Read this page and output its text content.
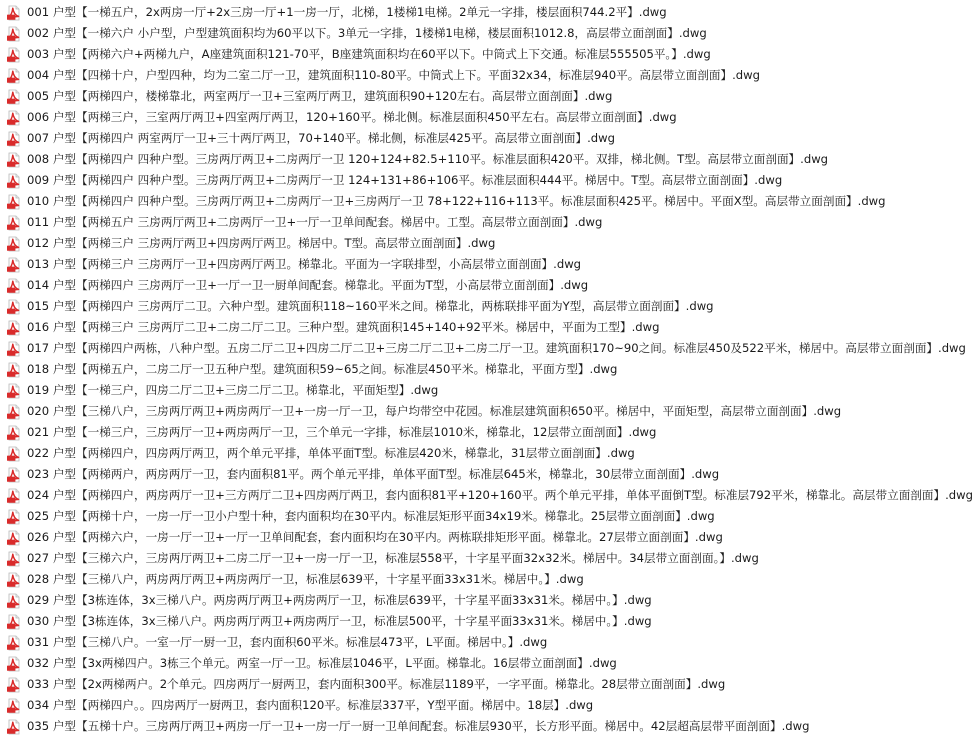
001 户型【一梯五户，2x两房一厅+2x三房一厅+1一房一厅，北梯，1楼梯1电梯。2单元一字排，楼层面积744.2平】.dwg
002 户型【一梯六户 小户型，户型建筑面积均为60平以下。3单元一字排，1楼梯1电梯，楼层面积1012.8，高层带立面剖面】.dwg
003 户型【两梯六户+两梯九户，A座建筑面积121-70平，B座建筑面积均在60平以下。中筒式上下交通。标准层555505平。】.dwg
004 户型【四梯十户，户型四种，均为二室二厅一卫，建筑面积110-80平。中筒式上下。平面32x34，标准层940平。高层带立面剖面】.dwg
005 户型【两梯四户，楼梯靠北，两室两厅一卫+三室两厅两卫，建筑面积90+120左右。高层带立面剖面】.dwg
006 户型【两梯三户，三室两厅两卫+四室两厅两卫，120+160平。梯北侧。标准层面积450平左右。高层带立面剖面】.dwg
007 户型【两梯四户 两室两厅一卫+三十两厅两卫，70+140平。梯北侧，标准层425平。高层带立面剖面】.dwg
008 户型【两梯四户 四种户型。三房两厅两卫+二房两厅一卫 120+124+82.5+110平。标准层面积420平。双排，梯北侧。T型。高层带立面剖面】.dwg
009 户型【两梯四户 四种户型。三房两厅两卫+二房两厅一卫 124+131+86+106平。标准层面积444平。梯居中。T型。高层带立面剖面】.dwg
010 户型【两梯四户 四种户型。三房两厅两卫+二房两厅一卫+三房两厅一卫 78+122+116+113平。标准层面积425平。梯居中。平面X型。高层带立面剖面】.dwg
011 户型【两梯五户 三房两厅两卫+二房两厅一卫+一厅一卫单间配套。梯居中。工型。高层带立面剖面】.dwg
012 户型【两梯三户 三房两厅两卫+四房两厅两卫。梯居中。T型。高层带立面剖面】.dwg
013 户型【两梯三户 三房两厅一卫+四房两厅两卫。梯靠北。平面为一字联排型，小高层带立面剖面】.dwg
014 户型【两梯四户 三房两厅一卫+一厅一卫一厨单间配套。梯靠北。平面为T型，小高层带立面剖面】.dwg
015 户型【两梯四户 三房两厅二卫。六种户型。建筑面积118~160平米之间。梯靠北，两栋联排平面为Y型，高层带立面剖面】.dwg
016 户型【两梯三户 三房两厅二卫+二房二厅二卫。三种户型。建筑面积145+140+92平米。梯居中，平面为工型】.dwg
017 户型【两梯四户两栋，八种户型。五房二厅二卫+四房二厅二卫+三房二厅二卫+二房二厅一卫。建筑面积170~90之间。标准层450及522平米，梯居中。高层带立面剖面】.dwg
018 户型【两梯五户，二房二厅一卫五种户型。建筑面积59~65之间。标准层450平米。梯靠北，平面方型】.dwg
019 户型【一梯三户，四房二厅二卫+三房二厅二卫。梯靠北，平面矩型】.dwg
020 户型【三梯八户，三房两厅两卫+两房两厅一卫+一房一厅一卫，每户均带空中花园。标准层建筑面积650平。梯居中，平面矩型，高层带立面剖面】.dwg
021 户型【一梯三户，三房两厅一卫+两房两厅一卫，三个单元一字排，标准层1010米，梯靠北，12层带立面剖面】.dwg
022 户型【两梯四户，四房两厅两卫，两个单元平排，单体平面T型。标准层420米，梯靠北，31层带立面剖面】.dwg
023 户型【两梯两户，两房两厅一卫，套内面积81平。两个单元平排，单体平面T型。标准层645米，梯靠北，30层带立面剖面】.dwg
024 户型【两梯四户，两房两厅一卫+三方两厅二卫+四房两厅两卫，套内面积81平+120+160平。两个单元平排，单体平面倒T型。标准层792平米，梯靠北。高层带立面剖面】.dwg
025 户型【两梯十户，一房一厅一卫小户型十种，套内面积均在30平内。标准层矩形平面34x19米。梯靠北。25层带立面剖面】.dwg
026 户型【两梯六户，一房一厅一卫+一厅一卫单间配套，套内面积均在30平内。两栋联排矩形平面。梯靠北。27层带立面剖面】.dwg
027 户型【三梯六户，三房两厅两卫+二房二厅一卫+一房一厅一卫，标准层558平，十字星平面32x32米。梯居中。34层带立面剖面。】.dwg
028 户型【三梯八户，两房两厅两卫+两房两厅一卫，标准层639平，十字星平面33x31米。梯居中。】.dwg
029 户型【3栋连体，3x三梯八户。两房两厅两卫+两房两厅一卫，标准层639平，十字星平面33x31米。梯居中。】.dwg
030 户型【3栋连体，3x三梯八户。两房两厅两卫+两房两厅一卫，标准层500平，十字星平面33x31米。梯居中。】.dwg
031 户型【三梯八户。一室一厅一厨一卫，套内面积60平米。标准层473平，L平面。梯居中。】.dwg
032 户型【3x两梯四户。3栋三个单元。两室一厅一卫。标准层1046平，L平面。梯靠北。16层带立面剖面】.dwg
033 户型【2x两梯两户。2个单元。四房两厅一厨两卫，套内面积300平。标准层1189平，一字平面。梯靠北。28层带立面剖面】.dwg
034 户型【两梯四户。。四房两厅一厨两卫，套内面积120平。标准层337平，Y型平面。梯居中。18层】.dwg
035 户型【五梯十户。三房两厅两卫+两房一厅一卫+一房一厅一厨一卫单间配套。标准层930平，长方形平面。梯居中。42层超高层带平面剖面】.dwg
